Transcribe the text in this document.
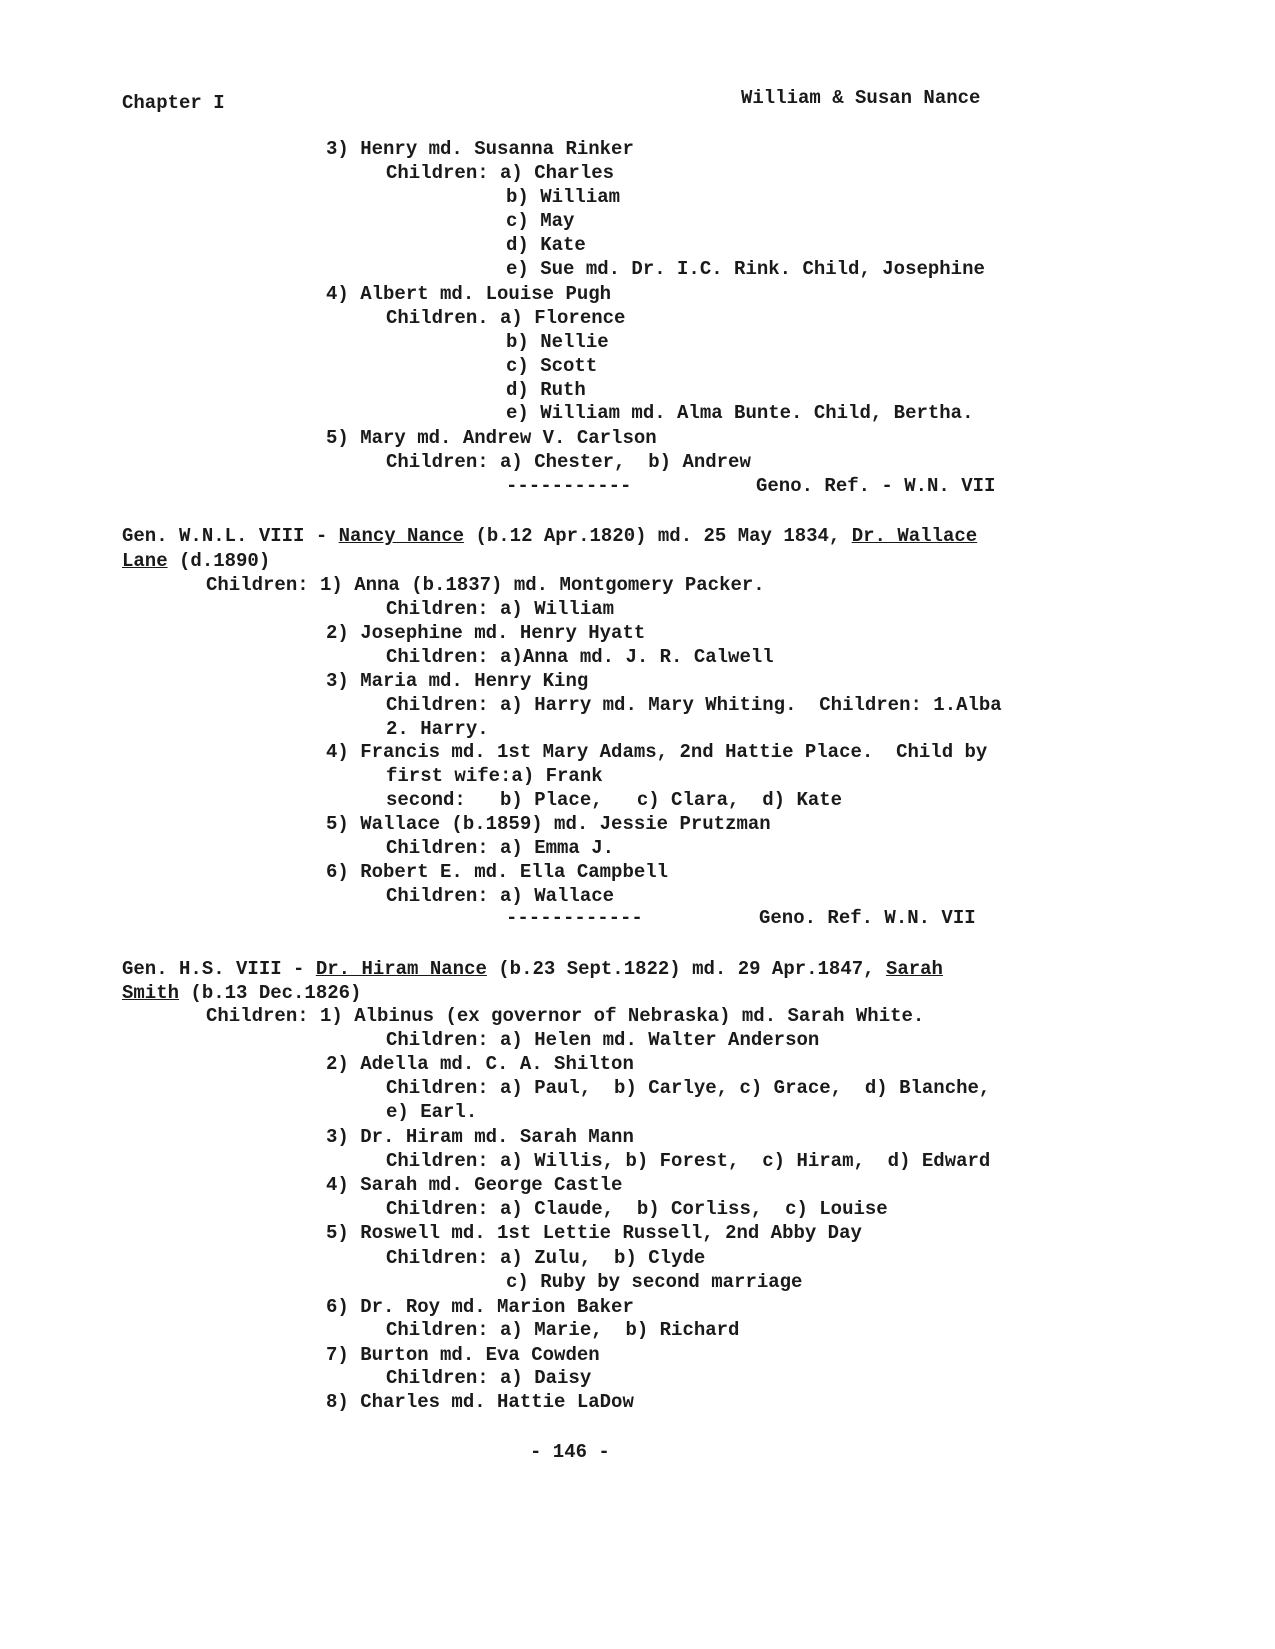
Chapter I	William & Susan Nance
3) Henry md. Susanna Rinker
Children: a) Charles
b) William
c) May
d) Kate
e) Sue md. Dr. I.C. Rink. Child, Josephine
4) Albert md. Louise Pugh
Children. a) Florence
b) Nellie
c) Scott
d) Ruth
e) William md. Alma Bunte. Child, Bertha.
5) Mary md. Andrew V. Carlson
Children: a) Chester,  b) Andrew
-----------	Geno. Ref. - W.N. VII
Gen. W.N.L. VIII - Nancy Nance (b.12 Apr.1820) md. 25 May 1834, Dr. Wallace
Lane (d.1890)
Children: 1) Anna (b.1837) md. Montgomery Packer.
Children: a) William
2) Josephine md. Henry Hyatt
Children: a)Anna md. J. R. Calwell
3) Maria md. Henry King
Children: a) Harry md. Mary Whiting.  Children: 1.Alba
2. Harry.
4) Francis md. 1st Mary Adams, 2nd Hattie Place.  Child by
first wife:a) Frank
second:   b) Place,   c) Clara,  d) Kate
5) Wallace (b.1859) md. Jessie Prutzman
Children: a) Emma J.
6) Robert E. md. Ella Campbell
Children: a) Wallace
------------	Geno. Ref. W.N. VII
Gen. H.S. VIII - Dr. Hiram Nance (b.23 Sept.1822) md. 29 Apr.1847, Sarah
Smith (b.13 Dec.1826)
Children: 1) Albinus (ex governor of Nebraska) md. Sarah White.
Children: a) Helen md. Walter Anderson
2) Adella md. C. A. Shilton
Children: a) Paul,  b) Carlye, c) Grace,  d) Blanche,
e) Earl.
3) Dr. Hiram md. Sarah Mann
Children: a) Willis, b) Forest,  c) Hiram,  d) Edward
4) Sarah md. George Castle
Children: a) Claude,  b) Corliss,  c) Louise
5) Roswell md. 1st Lettie Russell, 2nd Abby Day
Children: a) Zulu,  b) Clyde
c) Ruby by second marriage
6) Dr. Roy md. Marion Baker
Children: a) Marie,  b) Richard
7) Burton md. Eva Cowden
Children: a) Daisy
8) Charles md. Hattie LaDow
- 146 -
